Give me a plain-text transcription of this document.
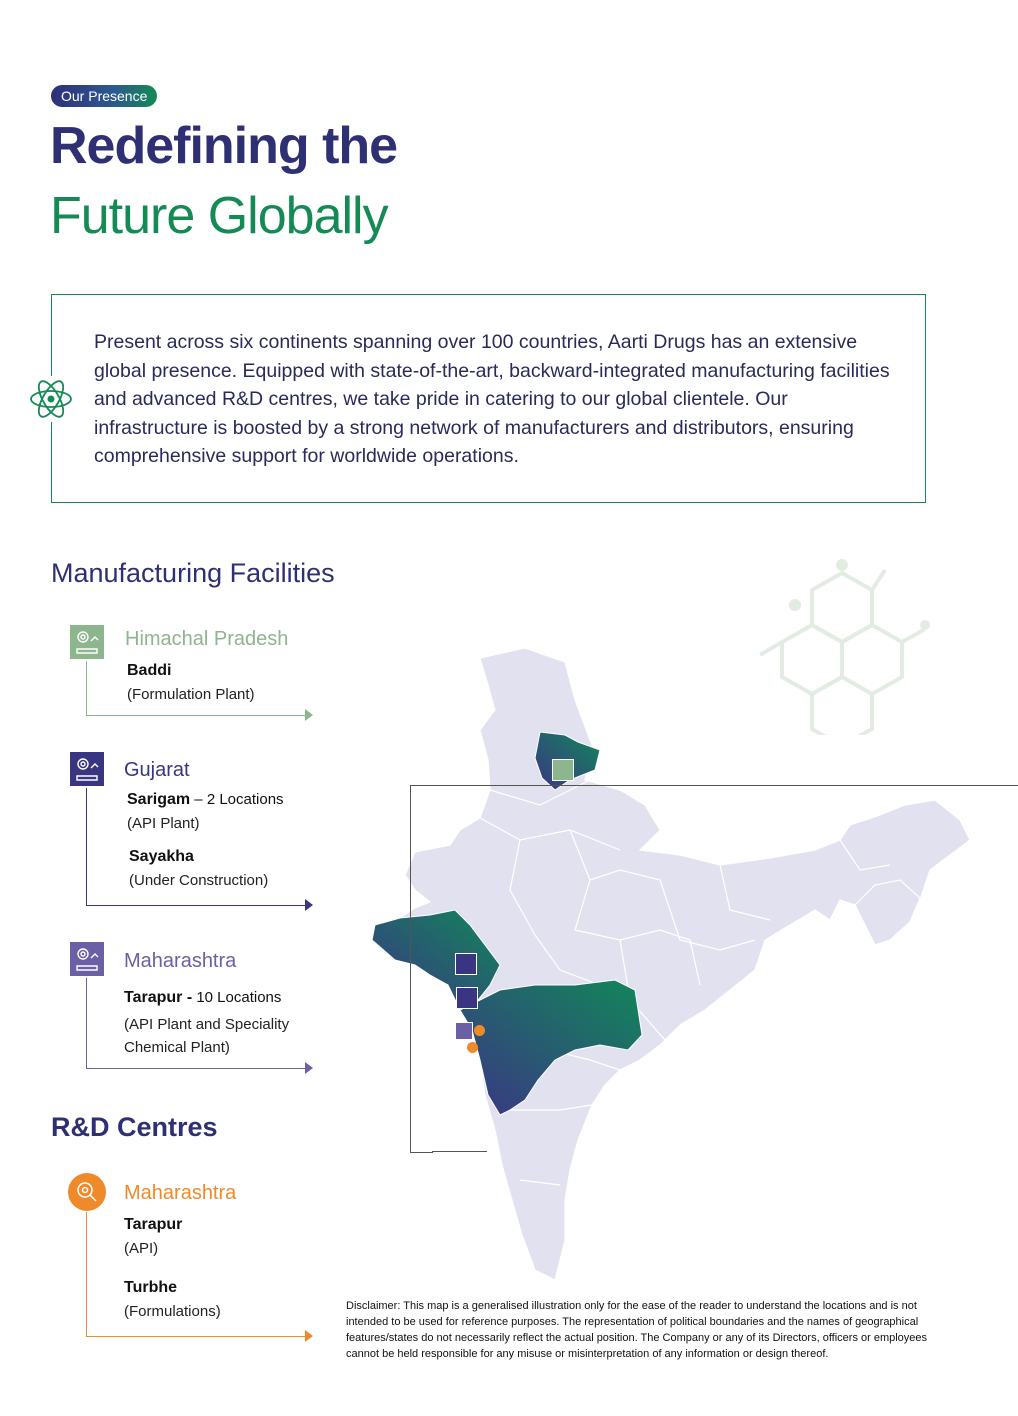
Our Presence
Redefining the
Future Globally
Present across six continents spanning over 100 countries, Aarti Drugs has an extensive global presence. Equipped with state-of-the-art, backward-integrated manufacturing facilities and advanced R&D centres, we take pride in catering to our global clientele. Our infrastructure is boosted by a strong network of manufacturers and distributors, ensuring comprehensive support for worldwide operations.
Manufacturing Facilities
Himachal Pradesh
Baddi
(Formulation Plant)
Gujarat
Sarigam – 2 Locations
(API Plant)
Sayakha
(Under Construction)
Maharashtra
Tarapur - 10 Locations
(API Plant and Speciality Chemical Plant)
R&D Centres
Maharashtra
Tarapur
(API)
Turbhe
(Formulations)	Disclaimer: This map is a generalised illustration only for the ease of the reader to understand the locations and is not intended to be used for reference purposes. The representation of political boundaries and the names of geographical features/states do not necessarily reflect the actual position. The Company or any of its Directors, officers or employees cannot be held responsible for any misuse or misinterpretation of any information or design thereof.
